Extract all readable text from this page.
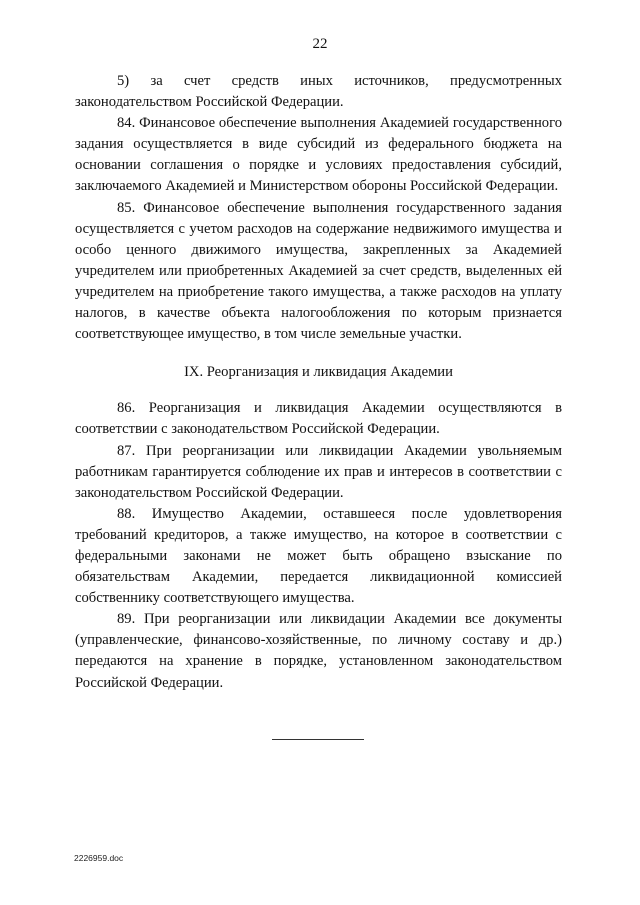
22

5) за счет средств иных источников, предусмотренных законодательством Российской Федерации.

84. Финансовое обеспечение выполнения Академией государственного задания осуществляется в виде субсидий из федерального бюджета на основании соглашения о порядке и условиях предоставления субсидий, заключаемого Академией и Министерством обороны Российской Федерации.

85. Финансовое обеспечение выполнения государственного задания осуществляется с учетом расходов на содержание недвижимого имущества и особо ценного движимого имущества, закрепленных за Академией учредителем или приобретенных Академией за счет средств, выделенных ей учредителем на приобретение такого имущества, а также расходов на уплату налогов, в качестве объекта налогообложения по которым признается соответствующее имущество, в том числе земельные участки.

IX. Реорганизация и ликвидация Академии

86. Реорганизация и ликвидация Академии осуществляются в соответствии с законодательством Российской Федерации.

87. При реорганизации или ликвидации Академии увольняемым работникам гарантируется соблюдение их прав и интересов в соответствии с законодательством Российской Федерации.

88. Имущество Академии, оставшееся после удовлетворения требований кредиторов, а также имущество, на которое в соответствии с федеральными законами не может быть обращено взыскание по обязательствам Академии, передается ликвидационной комиссией собственнику соответствующего имущества.

89. При реорганизации или ликвидации Академии все документы (управленческие, финансово-хозяйственные, по личному составу и др.) передаются на хранение в порядке, установленном законодательством Российской Федерации.

2226959.doc
